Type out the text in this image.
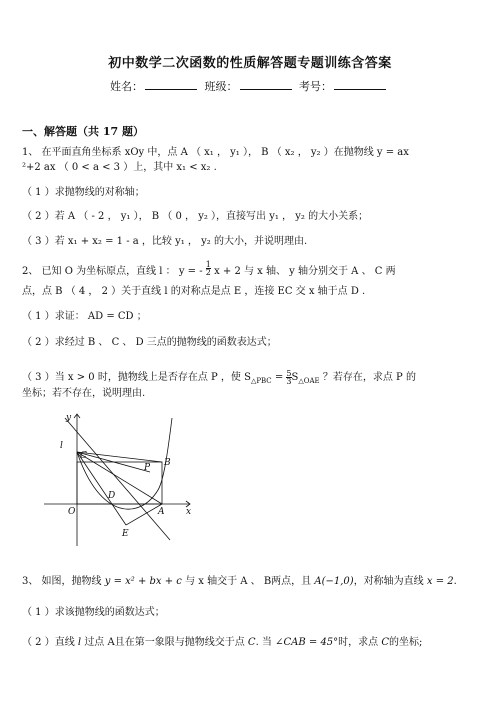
初中数学二次函数的性质解答题专题训练含答案
姓名：	班级：	考号：
一、解答题（共 17 题）
1、 在平面直角坐标系 xOy 中，点 A （ x₁ ， y₁ ）， B （ x₂ ， y₂ ）在抛物线 y = ax
²+2 ax （ 0 < a < 3 ）上，其中 x₁ < x₂ .
（ 1 ）求抛物线的对称轴；
（ 2 ）若 A （ - 2 ， y₁ ）， B （ 0 ， y₂ ），直接写出 y₁ ， y₂ 的大小关系；
（ 3 ）若 x₁ + x₂ = 1 - a ，比较 y₁ ， y₂ 的大小，并说明理由.
2、 已知 O 为坐标原点，直线 l ： y = - $\frac{1}{2}$ x + 2 与 x 轴、 y 轴分别交于 A 、 C 两
点，点 B （ 4 ， 2 ）关于直线 l 的对称点是点 E ，连接 EC 交 x 轴于点 D .
（ 1 ）求证： AD = CD ；
（ 2 ）求经过 B 、 C 、 D 三点的抛物线的函数表达式；
（ 3 ）当 x > 0 时，抛物线上是否存在点 P ，使 $S_{\triangle PBC} = \frac{5}{3} S_{\triangle OAE}$ ？若存在，求点 P 的
坐标；若不存在，说明理由.
l
y
C
B
P
D
O	A x
E
3、 如图，抛物线 y = x² + bx + c 与 x 轴交于 A 、 B两点，且 A(−1,0)，对称轴为直线 x = 2.
（ 1 ）求该抛物线的函数达式；
（ 2 ）直线 l 过点 A且在第一象限与抛物线交于点 C. 当 ∠CAB = 45°时，求点 C的坐标;
